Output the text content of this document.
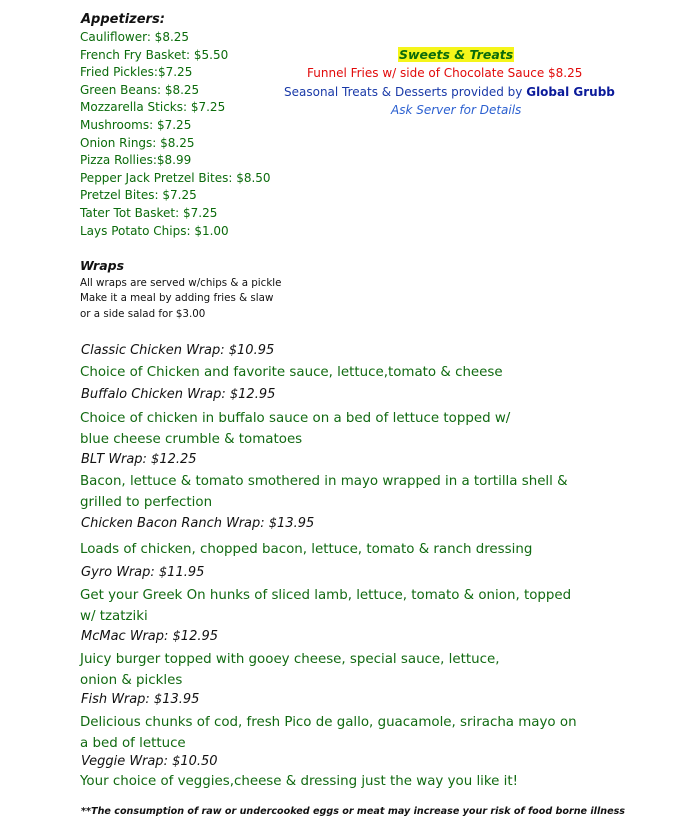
Appetizers:
Cauliflower: $8.25
French Fry Basket: $5.50
Fried Pickles:$7.25
Green Beans: $8.25
Mozzarella Sticks: $7.25
Mushrooms: $7.25
Onion Rings: $8.25
Pizza Rollies:$8.99
Pepper Jack Pretzel Bites: $8.50
Pretzel Bites: $7.25
Tater Tot Basket: $7.25
Lays Potato Chips: $1.00
Sweets & Treats
Funnel Fries w/ side of Chocolate Sauce $8.25
Seasonal Treats & Desserts provided by Global Grubb
Ask Server for Details
Wraps
All wraps are served w/chips & a pickle
Make it a meal by adding fries & slaw
or a side salad for $3.00
Classic Chicken Wrap: $10.95
Choice of Chicken and favorite sauce, lettuce,tomato & cheese
Buffalo Chicken Wrap: $12.95
Choice of chicken in buffalo sauce on a bed of lettuce topped w/
blue cheese crumble & tomatoes
BLT Wrap: $12.25
Bacon, lettuce & tomato smothered in mayo wrapped in a tortilla shell &
grilled to perfection
Chicken Bacon Ranch Wrap: $13.95
Loads of chicken, chopped bacon, lettuce, tomato & ranch dressing
Gyro Wrap: $11.95
Get your Greek On hunks of sliced lamb, lettuce, tomato & onion, topped
w/ tzatziki
McMac Wrap: $12.95
Juicy burger topped with gooey cheese, special sauce, lettuce,
onion & pickles
Fish Wrap: $13.95
Delicious chunks of cod, fresh Pico de gallo, guacamole, sriracha mayo on
a bed of lettuce
Veggie Wrap: $10.50
Your choice of veggies,cheese & dressing just the way you like it!
**The consumption of raw or undercooked eggs or meat may increase your risk of food borne illness
